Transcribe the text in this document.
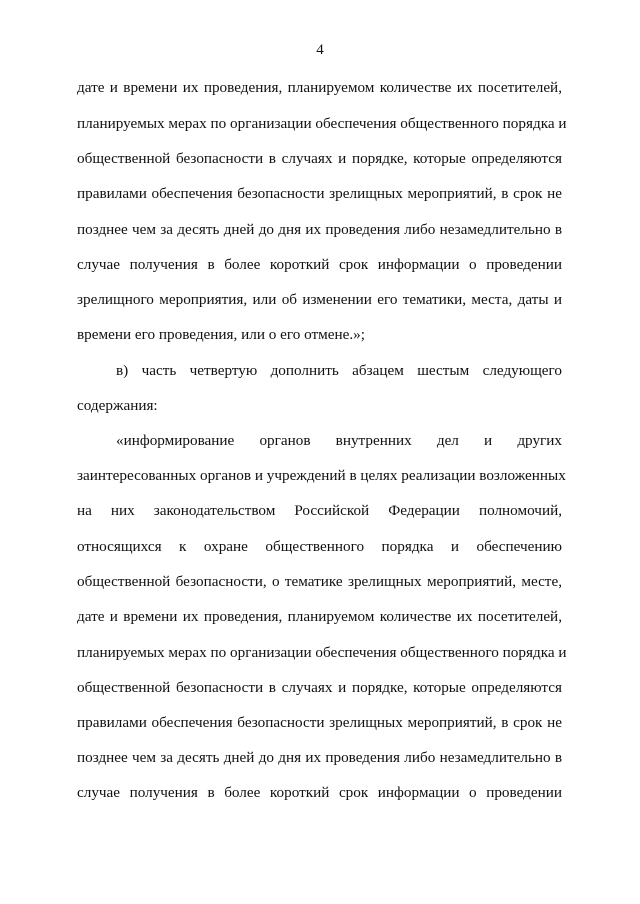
4
дате и времени их проведения, планируемом количестве их посетителей,
планируемых мерах по организации обеспечения общественного порядка и
общественной безопасности в случаях и порядке, которые определяются
правилами обеспечения безопасности зрелищных мероприятий, в срок не
позднее чем за десять дней до дня их проведения либо незамедлительно в
случае получения в более короткий срок информации о проведении
зрелищного мероприятия, или об изменении его тематики, места, даты и
времени его проведения, или о его отмене.»;
в) часть четвертую дополнить абзацем шестым следующего
содержания:
«информирование органов внутренних дел и других
заинтересованных органов и учреждений в целях реализации возложенных
на них законодательством Российской Федерации полномочий,
относящихся к охране общественного порядка и обеспечению
общественной безопасности, о тематике зрелищных мероприятий, месте,
дате и времени их проведения, планируемом количестве их посетителей,
планируемых мерах по организации обеспечения общественного порядка и
общественной безопасности в случаях и порядке, которые определяются
правилами обеспечения безопасности зрелищных мероприятий, в срок не
позднее чем за десять дней до дня их проведения либо незамедлительно в
случае получения в более короткий срок информации о проведении
